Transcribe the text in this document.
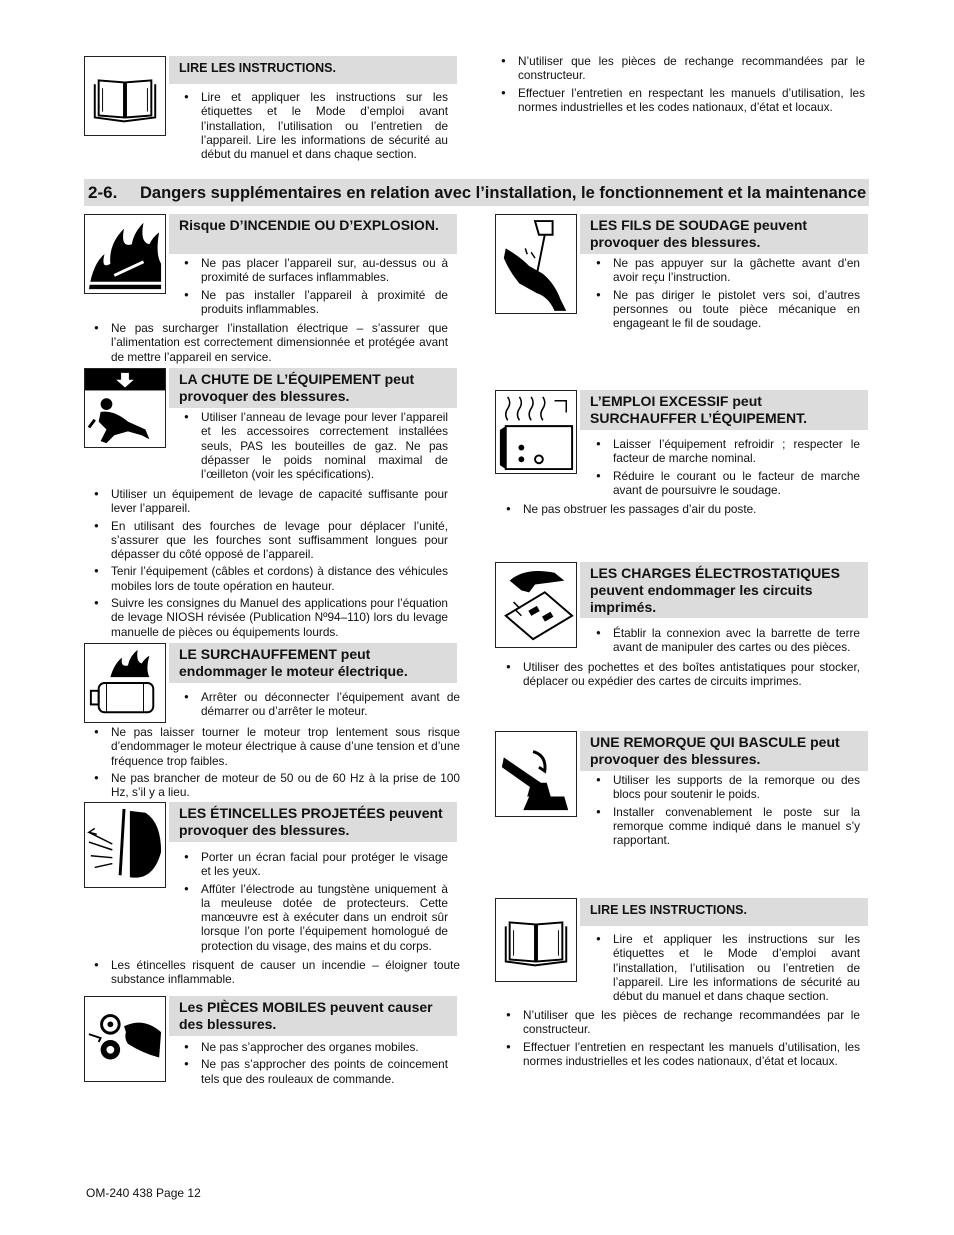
LIRE LES INSTRUCTIONS.
● Lire et appliquer les instructions sur les étiquettes et le Mode d’emploi avant l’installation, l’utilisation ou l’entretien de l’appareil. Lire les informations de sécurité au début du manuel et dans chaque section.
● N’utiliser que les pièces de rechange recommandées par le constructeur.
● Effectuer l’entretien en respectant les manuels d’utilisation, les normes industrielles et les codes nationaux, d’état et locaux.
2-6. Dangers supplémentaires en relation avec l’installation, le fonctionnement et la maintenance
Risque D’INCENDIE OU D’EXPLOSION.
● Ne pas placer l’appareil sur, au-dessus ou à proximité de surfaces inflammables.
● Ne pas installer l’appareil à proximité de produits inflammables.
● Ne pas surcharger l’installation électrique – s’assurer que l’alimentation est correctement dimensionnée et protégée avant de mettre l’appareil en service.
LA CHUTE DE L’ÉQUIPEMENT peut provoquer des blessures.
● Utiliser l’anneau de levage pour lever l’appareil et les accessoires correctement installées seuls, PAS les bouteilles de gaz. Ne pas dépasser le poids nominal maximal de l’œilleton (voir les spécifications).
● Utiliser un équipement de levage de capacité suffisante pour lever l’appareil.
● En utilisant des fourches de levage pour déplacer l’unité, s’assurer que les fourches sont suffisamment longues pour dépasser du côté opposé de l’appareil.
● Tenir l’équipement (câbles et cordons) à distance des véhicules mobiles lors de toute opération en hauteur.
● Suivre les consignes du Manuel des applications pour l’équation de levage NIOSH révisée (Publication Nº94–110) lors du levage manuelle de pièces ou équipements lourds.
LE SURCHAUFFEMENT peut endommager le moteur électrique.
● Arrêter ou déconnecter l’équipement avant de démarrer ou d’arrêter le moteur.
● Ne pas laisser tourner le moteur trop lentement sous risque d’endommager le moteur électrique à cause d’une tension et d’une fréquence trop faibles.
● Ne pas brancher de moteur de 50 ou de 60 Hz à la prise de 100 Hz, s’il y a lieu.
LES ÉTINCELLES PROJETÉES peuvent provoquer des blessures.
● Porter un écran facial pour protéger le visage et les yeux.
● Affûter l’électrode au tungstène uniquement à la meuleuse dotée de protecteurs. Cette manœuvre est à exécuter dans un endroit sûr lorsque l’on porte l’équipement homologué de protection du visage, des mains et du corps.
● Les étincelles risquent de causer un incendie – éloigner toute substance inflammable.
Les PIÈCES MOBILES peuvent causer des blessures.
● Ne pas s’approcher des organes mobiles.
● Ne pas s’approcher des points de coincement tels que des rouleaux de commande.
LES FILS DE SOUDAGE peuvent provoquer des blessures.
● Ne pas appuyer sur la gâchette avant d’en avoir reçu l’instruction.
● Ne pas diriger le pistolet vers soi, d’autres personnes ou toute pièce mécanique en engageant le fil de soudage.
L’EMPLOI EXCESSIF peut SURCHAUFFER L’ÉQUIPEMENT.
● Laisser l’équipement refroidir ; respecter le facteur de marche nominal.
● Réduire le courant ou le facteur de marche avant de poursuivre le soudage.
● Ne pas obstruer les passages d’air du poste.
LES CHARGES ÉLECTROSTATIQUES peuvent endommager les circuits imprimés.
● Établir la connexion avec la barrette de terre avant de manipuler des cartes ou des pièces.
● Utiliser des pochettes et des boîtes antistatiques pour stocker, déplacer ou expédier des cartes de circuits imprimes.
UNE REMORQUE QUI BASCULE peut provoquer des blessures.
● Utiliser les supports de la remorque ou des blocs pour soutenir le poids.
● Installer convenablement le poste sur la remorque comme indiqué dans le manuel s’y rapportant.
LIRE LES INSTRUCTIONS.
● Lire et appliquer les instructions sur les étiquettes et le Mode d’emploi avant l’installation, l’utilisation ou l’entretien de l’appareil. Lire les informations de sécurité au début du manuel et dans chaque section.
● N’utiliser que les pièces de rechange recommandées par le constructeur.
● Effectuer l’entretien en respectant les manuels d’utilisation, les normes industrielles et les codes nationaux, d’état et locaux.
OM-240 438 Page 12
